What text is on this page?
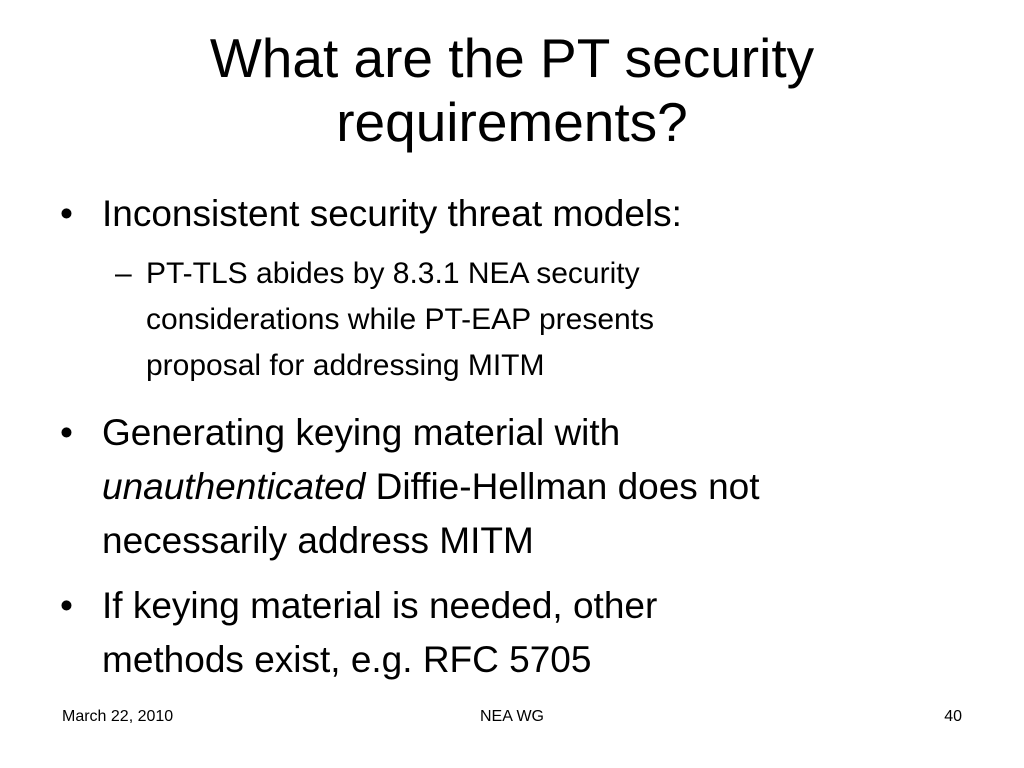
What are the PT security
requirements?
• Inconsistent security threat models:
– PT-TLS abides by 8.3.1 NEA security
considerations while PT-EAP presents
proposal for addressing MITM
• Generating keying material with
unauthenticated Diffie-Hellman does not
necessarily address MITM
• If keying material is needed, other
methods exist, e.g. RFC 5705
March 22, 2010	NEA WG	40
